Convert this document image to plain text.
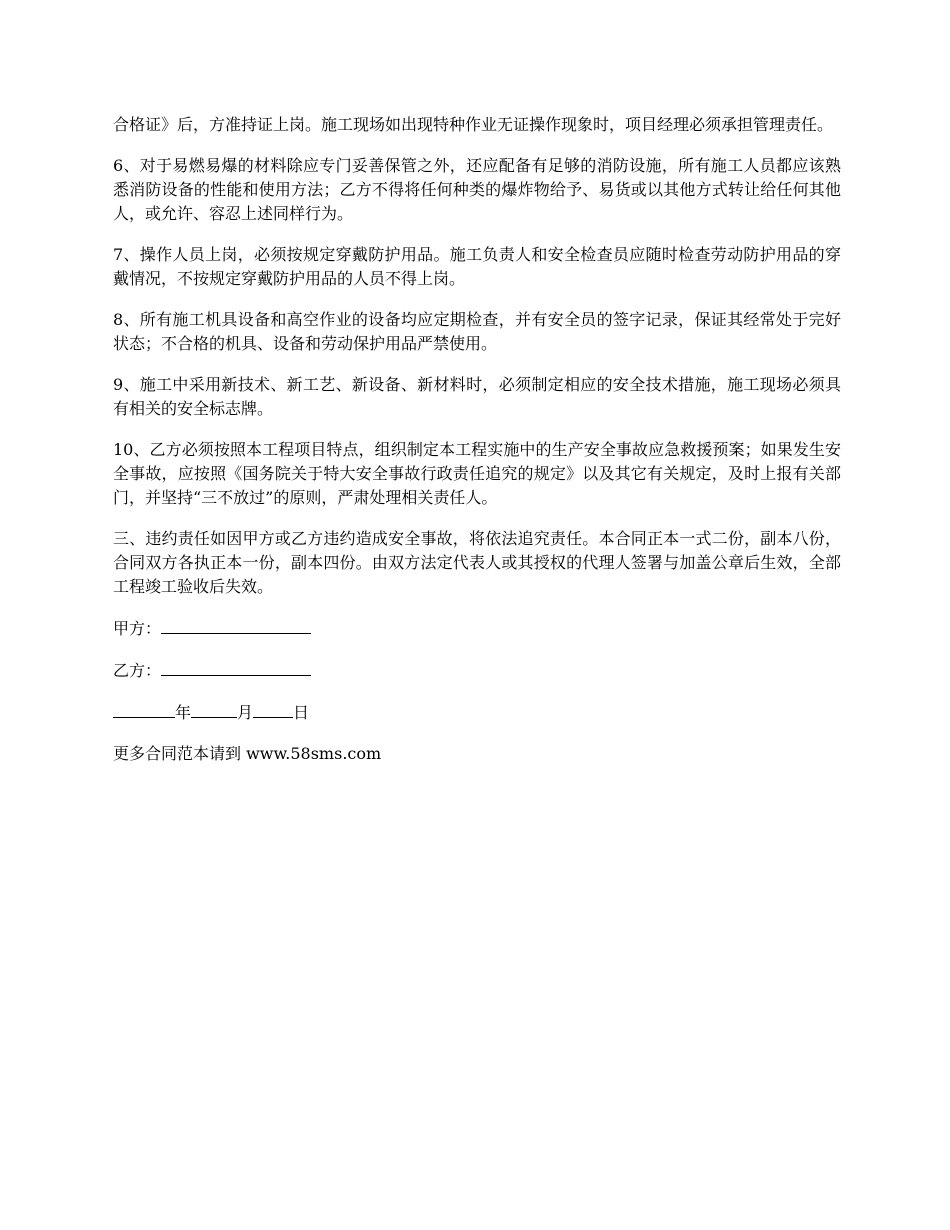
合格证》后，方准持证上岗。施工现场如出现特种作业无证操作现象时，项目经理必须承担管理责任。

6、对于易燃易爆的材料除应专门妥善保管之外，还应配备有足够的消防设施，所有施工人员都应该熟悉消防设备的性能和使用方法；乙方不得将任何种类的爆炸物给予、易货或以其他方式转让给任何其他人，或允许、容忍上述同样行为。

7、操作人员上岗，必须按规定穿戴防护用品。施工负责人和安全检查员应随时检查劳动防护用品的穿戴情况，不按规定穿戴防护用品的人员不得上岗。

8、所有施工机具设备和高空作业的设备均应定期检查，并有安全员的签字记录，保证其经常处于完好状态；不合格的机具、设备和劳动保护用品严禁使用。

9、施工中采用新技术、新工艺、新设备、新材料时，必须制定相应的安全技术措施，施工现场必须具有相关的安全标志牌。

10、乙方必须按照本工程项目特点，组织制定本工程实施中的生产安全事故应急救援预案；如果发生安全事故，应按照《国务院关于特大安全事故行政责任追究的规定》以及其它有关规定，及时上报有关部门，并坚持“三不放过”的原则，严肃处理相关责任人。

三、违约责任如因甲方或乙方违约造成安全事故，将依法追究责任。本合同正本一式二份，副本八份，合同双方各执正本一份，副本四份。由双方法定代表人或其授权的代理人签署与加盖公章后生效，全部工程竣工验收后失效。

甲方：

乙方：

年	月	日

更多合同范本请到 www.58sms.com
